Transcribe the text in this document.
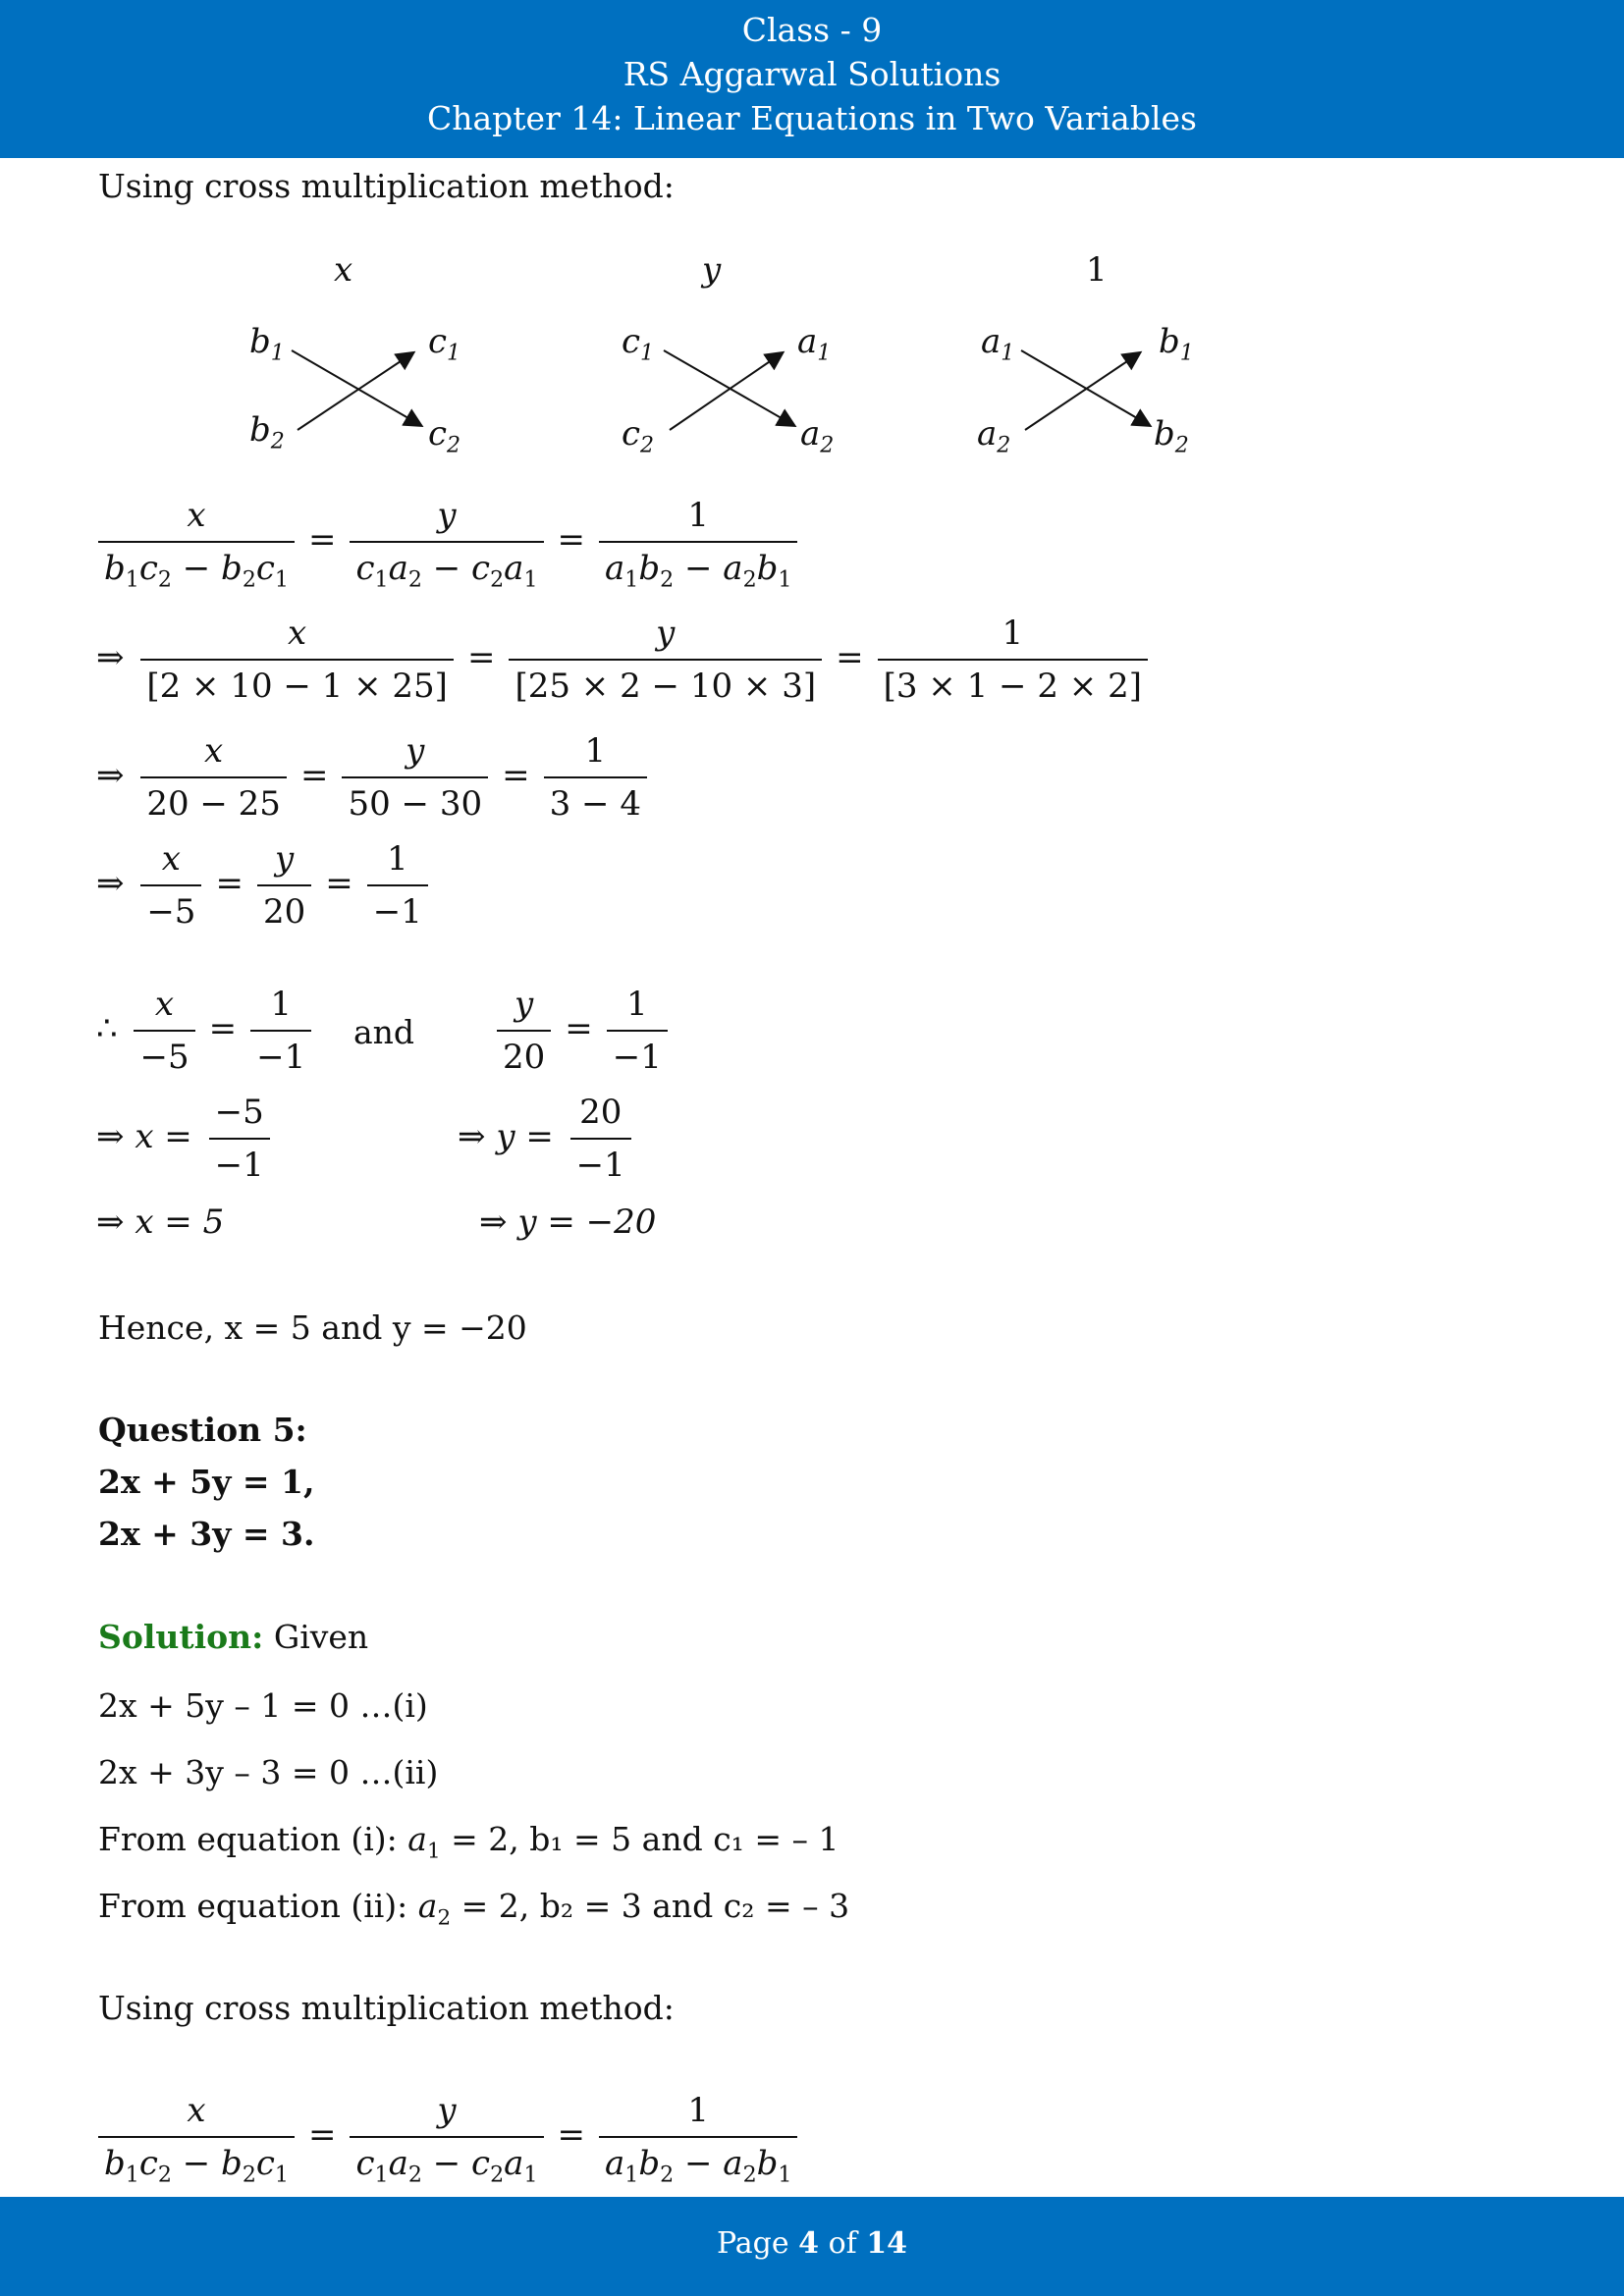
Class - 9
RS Aggarwal Solutions
Chapter 14: Linear Equations in Two Variables
Using cross multiplication method:
x	y	1
$b_1$	$c_1$
$b_2$	$c_2$
$c_1$	$a_1$
$c_2$	$a_2$
$a_1$	$b_1$
$a_2$	$b_2$
$\frac{x}{b_1c_2 - b_2c_1} = \frac{y}{c_1a_2 - c_2a_1} = \frac{1}{a_1b_2 - a_2b_1}$
⇒ $\frac{x}{[2 \times 10 - 1 \times 25]} = \frac{y}{[25 \times 2 - 10 \times 3]} = \frac{1}{[3 \times 1 - 2 \times 2]}$
⇒ $\frac{x}{20 - 25} = \frac{y}{50 - 30} = \frac{1}{3 - 4}$
⇒ $\frac{x}{-5} = \frac{y}{20} = \frac{1}{-1}$
∴ $\frac{x}{-5} = \frac{1}{-1}$ and $\frac{y}{20} = \frac{1}{-1}$
⇒ $x = \frac{-5}{-1}$	⇒ $y = \frac{20}{-1}$
⇒ x = 5	⇒ y = −20
Hence, x = 5 and y = −20
Question 5:
2x + 5y = 1,
2x + 3y = 3.
Solution: Given
2x + 5y – 1 = 0 …(i)
2x + 3y – 3 = 0 …(ii)
From equation (i): $a_1 = 2$, b₁ = 5 and c₁ = – 1
From equation (ii): $a_2 = 2$, b₂ = 3 and c₂ = – 3
Using cross multiplication method:
$\frac{x}{b_1c_2 - b_2c_1} = \frac{y}{c_1a_2 - c_2a_1} = \frac{1}{a_1b_2 - a_2b_1}$
Page 4 of 14
